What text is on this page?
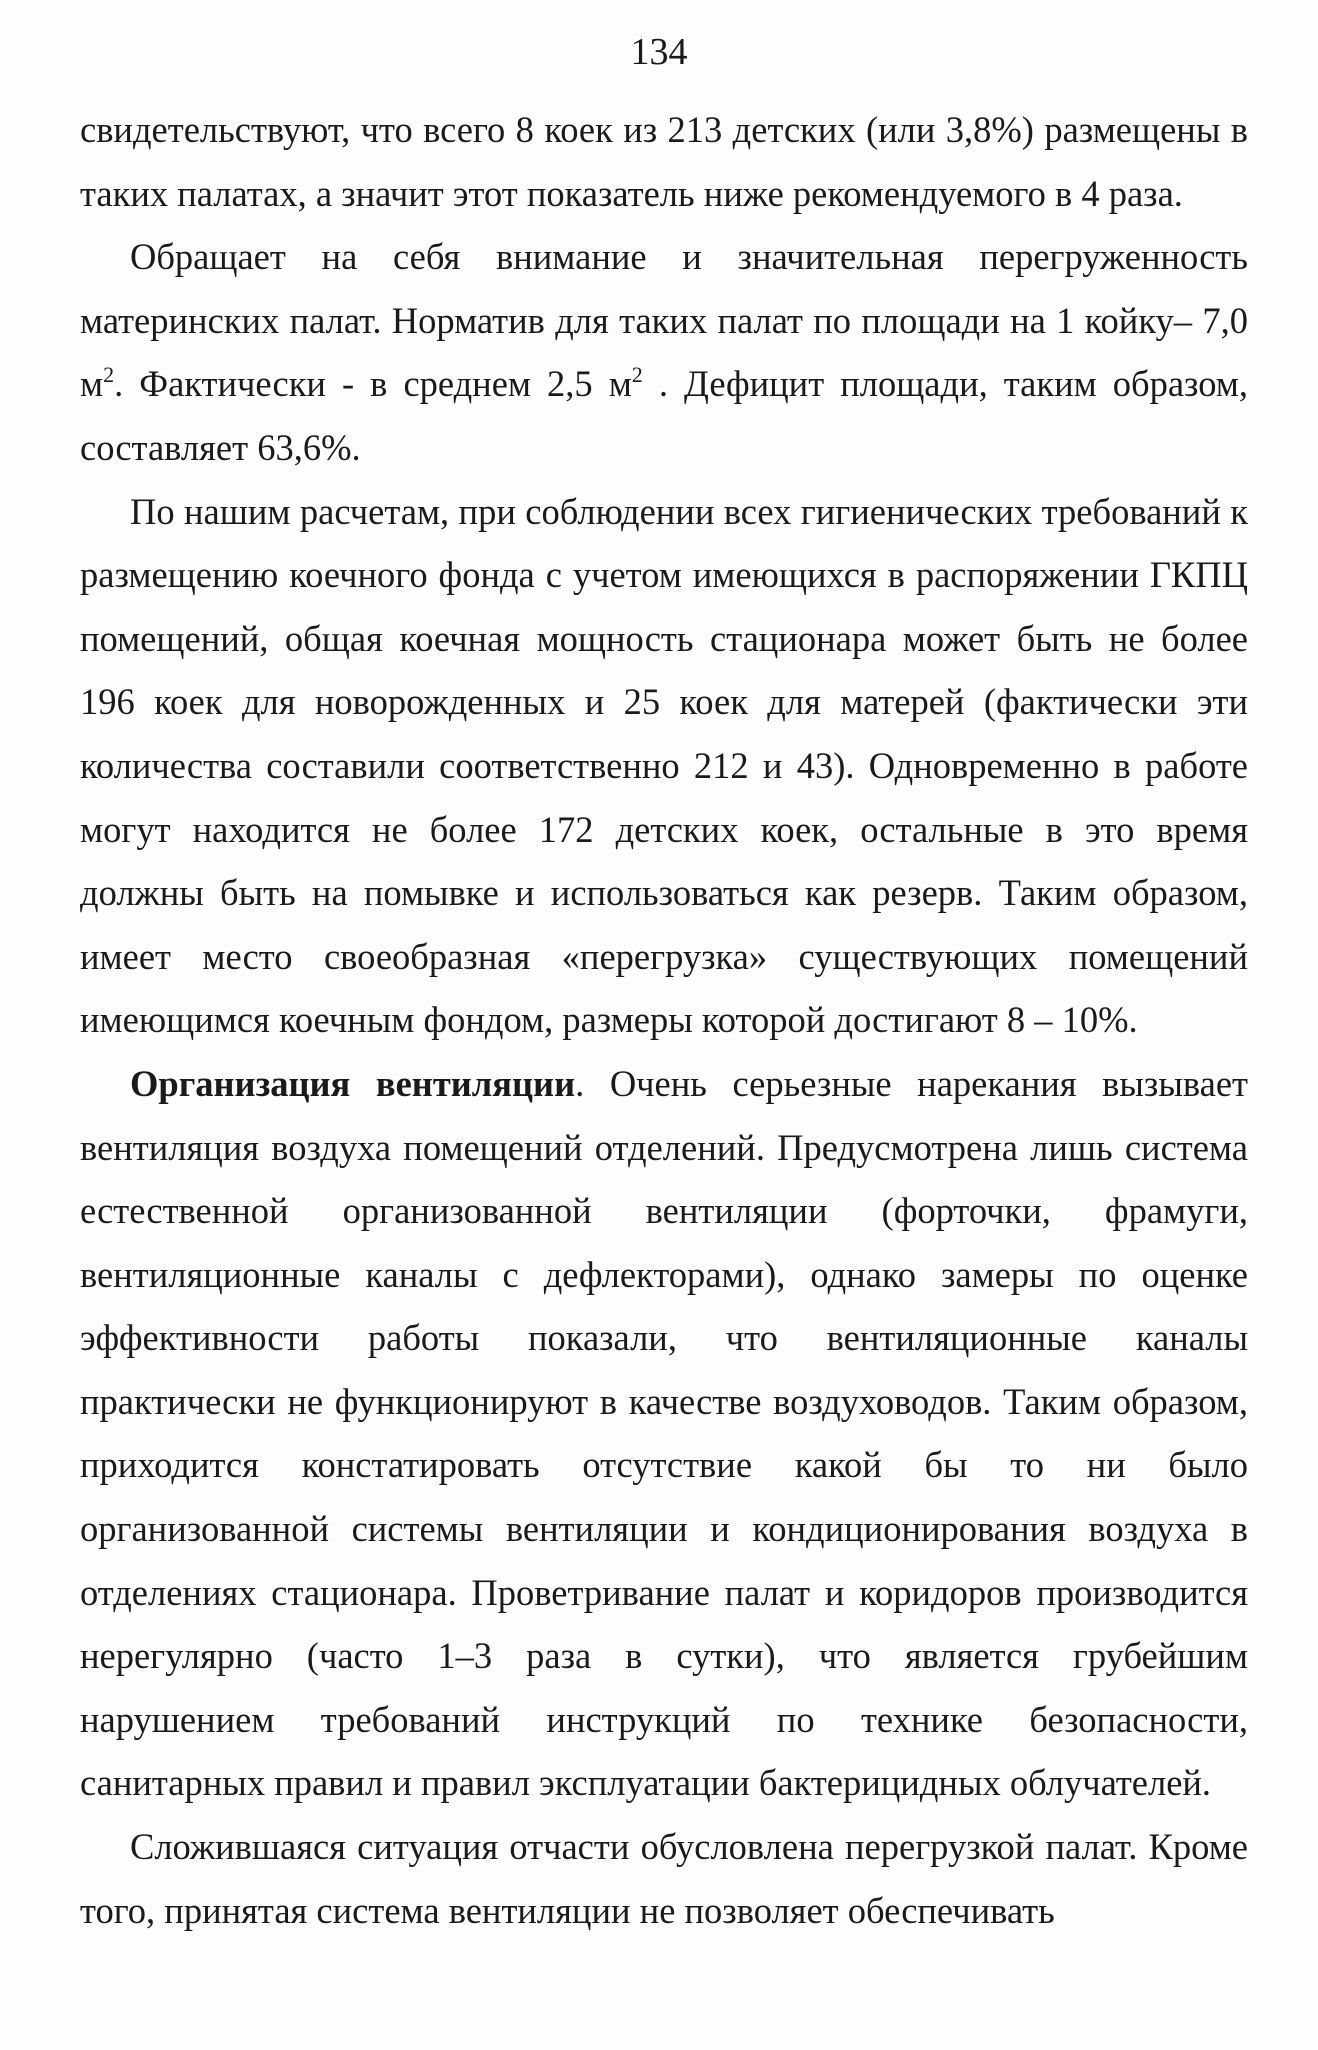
134

свидетельствуют, что всего 8 коек из 213 детских (или 3,8%) размещены в таких палатах, а значит этот показатель ниже рекомендуемого в 4 раза.

Обращает на себя внимание и значительная перегруженность материнских палат. Норматив для таких палат по площади на 1 койку– 7,0 $м^2$. Фактически - в среднем 2,5 $м^2$ . Дефицит площади, таким образом, составляет 63,6%.

По нашим расчетам, при соблюдении всех гигиенических требований к размещению коечного фонда с учетом имеющихся в распоряжении ГКПЦ помещений, общая коечная мощность стационара может быть не более 196 коек для новорожденных и 25 коек для матерей (фактически эти количества составили соответственно 212 и 43). Одновременно в работе могут находится не более 172 детских коек, остальные в это время должны быть на помывке и использоваться как резерв. Таким образом, имеет место своеобразная «перегрузка» существующих помещений имеющимся коечным фондом, размеры которой достигают 8 – 10%.

Организация вентиляции. Очень серьезные нарекания вызывает вентиляция воздуха помещений отделений. Предусмотрена лишь система естественной организованной вентиляции (форточки, фрамуги, вентиляционные каналы с дефлекторами), однако замеры по оценке эффективности работы показали, что вентиляционные каналы практически не функционируют в качестве воздуховодов. Таким образом, приходится констатировать отсутствие какой бы то ни было организованной системы вентиляции и кондиционирования воздуха в отделениях стационара. Проветривание палат и коридоров производится нерегулярно (часто 1–3 раза в сутки), что является грубейшим нарушением требований инструкций по технике безопасности, санитарных правил и правил эксплуатации бактерицидных облучателей.

Сложившаяся ситуация отчасти обусловлена перегрузкой палат. Кроме того, принятая система вентиляции не позволяет обеспечивать
